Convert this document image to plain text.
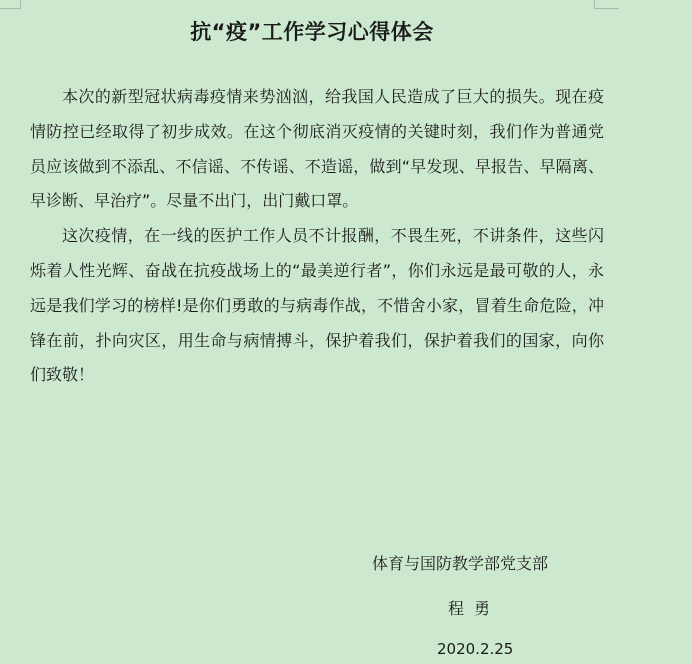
抗“疫”工作学习心得体会

本次的新型冠状病毒疫情来势汹汹，给我国人民造成了巨大的损失。现在疫情防控已经取得了初步成效。在这个彻底消灭疫情的关键时刻，我们作为普通党员应该做到不添乱、不信谣、不传谣、不造谣，做到“早发现、早报告、早隔离、早诊断、早治疗”。尽量不出门，出门戴口罩。

这次疫情，在一线的医护工作人员不计报酬，不畏生死，不讲条件，这些闪烁着人性光辉、奋战在抗疫战场上的“最美逆行者”，你们永远是最可敬的人，永远是我们学习的榜样!是你们勇敢的与病毒作战，不惜舍小家，冒着生命危险，冲锋在前，扑向灾区，用生命与病情搏斗，保护着我们，保护着我们的国家，向你们致敬！

体育与国防教学部党支部

程勇

2020.2.25
